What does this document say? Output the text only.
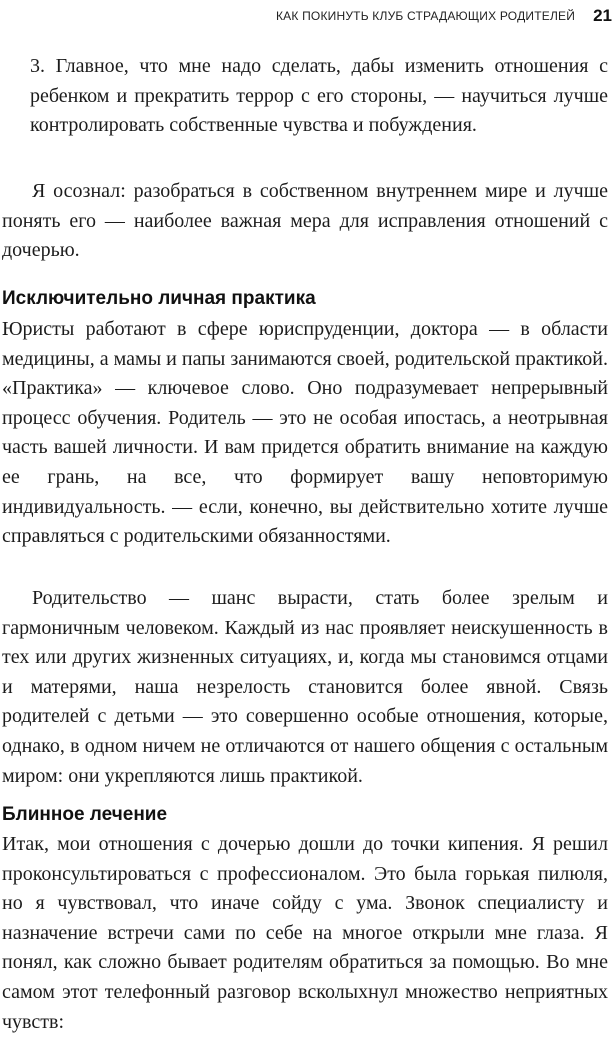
КАК ПОКИНУТЬ КЛУБ СТРАДАЮЩИХ РОДИТЕЛЕЙ 21

3. Главное, что мне надо сделать, дабы изменить отношения с ребенком и прекратить террор с его стороны, — научиться лучше контролировать собственные чувства и побуждения.

Я осознал: разобраться в собственном внутреннем мире и лучше понять его — наиболее важная мера для исправления отношений с дочерью.

Исключительно личная практика

Юристы работают в сфере юриспруденции, доктора — в области медицины, а мамы и папы занимаются своей, родительской практикой. «Практика» — ключевое слово. Оно подразумевает непрерывный процесс обучения. Родитель — это не особая ипостась, а неотрывная часть вашей личности. И вам придется обратить внимание на каждую ее грань, на все, что формирует вашу неповторимую индивидуальность. — если, конечно, вы действительно хотите лучше справляться с родительскими обязанностями.

Родительство — шанс вырасти, стать более зрелым и гармоничным человеком. Каждый из нас проявляет неискушенность в тех или других жизненных ситуациях, и, когда мы становимся отцами и матерями, наша незрелость становится более явной. Связь родителей с детьми — это совершенно особые отношения, которые, однако, в одном ничем не отличаются от нашего общения с остальным миром: они укрепляются лишь практикой.

Блинное лечение

Итак, мои отношения с дочерью дошли до точки кипения. Я решил проконсультироваться с профессионалом. Это была горькая пилюля, но я чувствовал, что иначе сойду с ума. Звонок специалисту и назначение встречи сами по себе на многое открыли мне глаза. Я понял, как сложно бывает родителям обратиться за помощью. Во мне самом этот телефонный разговор всколыхнул множество неприятных чувств:
